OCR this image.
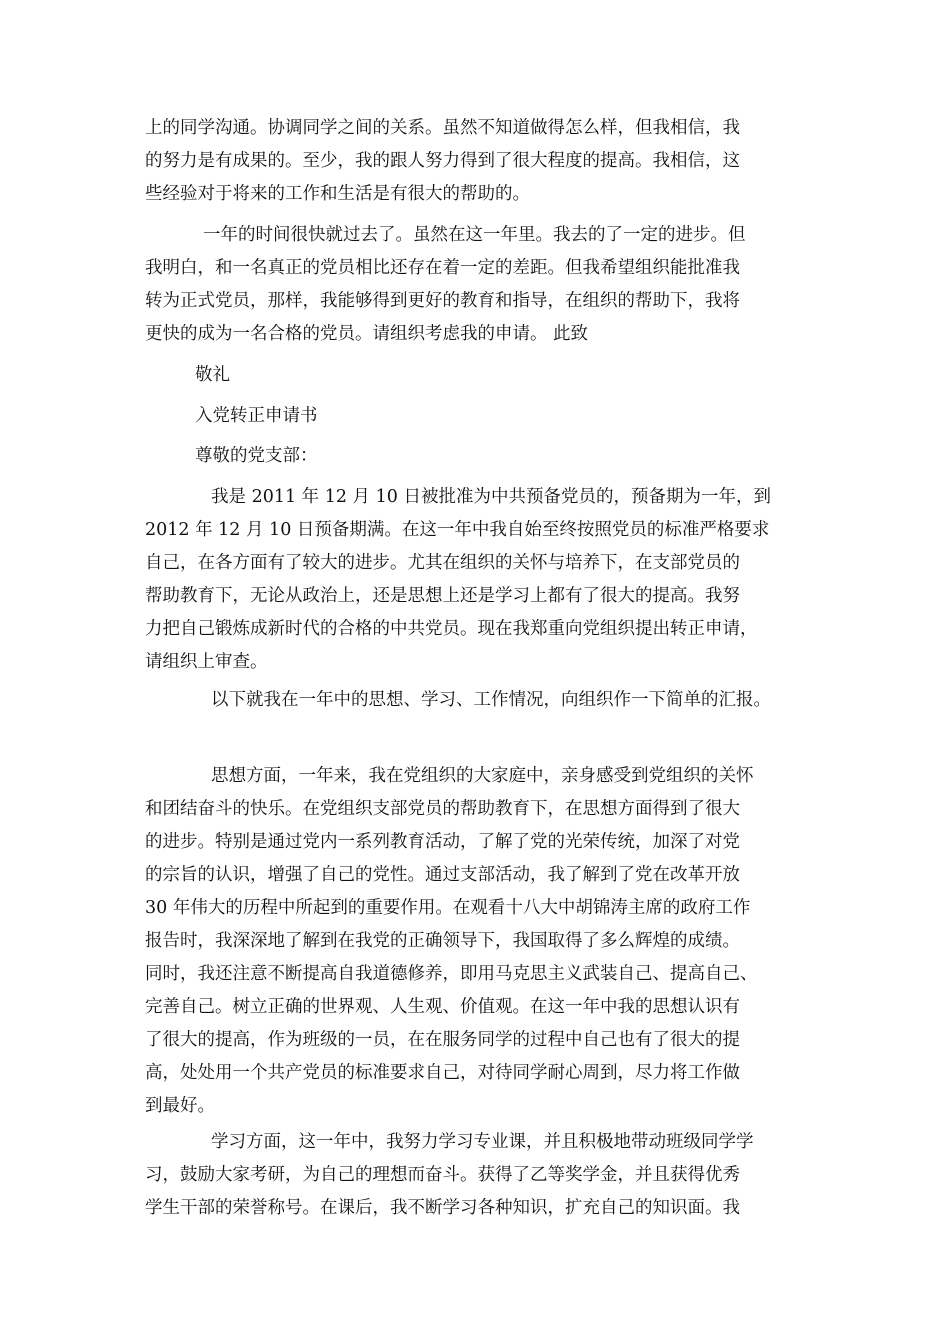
上的同学沟通。协调同学之间的关系。虽然不知道做得怎么样，但我相信，我
的努力是有成果的。至少，我的跟人努力得到了很大程度的提高。我相信，这
些经验对于将来的工作和生活是有很大的帮助的。
一年的时间很快就过去了。虽然在这一年里。我去的了一定的进步。但
我明白，和一名真正的党员相比还存在着一定的差距。但我希望组织能批准我
转为正式党员，那样，我能够得到更好的教育和指导，在组织的帮助下，我将
更快的成为一名合格的党员。请组织考虑我的申请。 此致
敬礼
入党转正申请书
尊敬的党支部：
我是 2011 年 12 月 10 日被批准为中共预备党员的，预备期为一年，到
2012 年 12 月 10 日预备期满。在这一年中我自始至终按照党员的标准严格要求
自己，在各方面有了较大的进步。尤其在组织的关怀与培养下，在支部党员的
帮助教育下，无论从政治上，还是思想上还是学习上都有了很大的提高。我努
力把自己锻炼成新时代的合格的中共党员。现在我郑重向党组织提出转正申请，
请组织上审查。
以下就我在一年中的思想、学习、工作情况，向组织作一下简单的汇报。
思想方面，一年来，我在党组织的大家庭中，亲身感受到党组织的关怀
和团结奋斗的快乐。在党组织支部党员的帮助教育下，在思想方面得到了很大
的进步。特别是通过党内一系列教育活动，了解了党的光荣传统，加深了对党
的宗旨的认识，增强了自己的党性。通过支部活动，我了解到了党在改革开放
30 年伟大的历程中所起到的重要作用。在观看十八大中胡锦涛主席的政府工作
报告时，我深深地了解到在我党的正确领导下，我国取得了多么辉煌的成绩。
同时，我还注意不断提高自我道德修养，即用马克思主义武装自己、提高自己、
完善自己。树立正确的世界观、人生观、价值观。在这一年中我的思想认识有
了很大的提高，作为班级的一员，在在服务同学的过程中自己也有了很大的提
高，处处用一个共产党员的标准要求自己，对待同学耐心周到，尽力将工作做
到最好。
学习方面，这一年中，我努力学习专业课，并且积极地带动班级同学学
习，鼓励大家考研，为自己的理想而奋斗。获得了乙等奖学金，并且获得优秀
学生干部的荣誉称号。在课后，我不断学习各种知识，扩充自己的知识面。我
